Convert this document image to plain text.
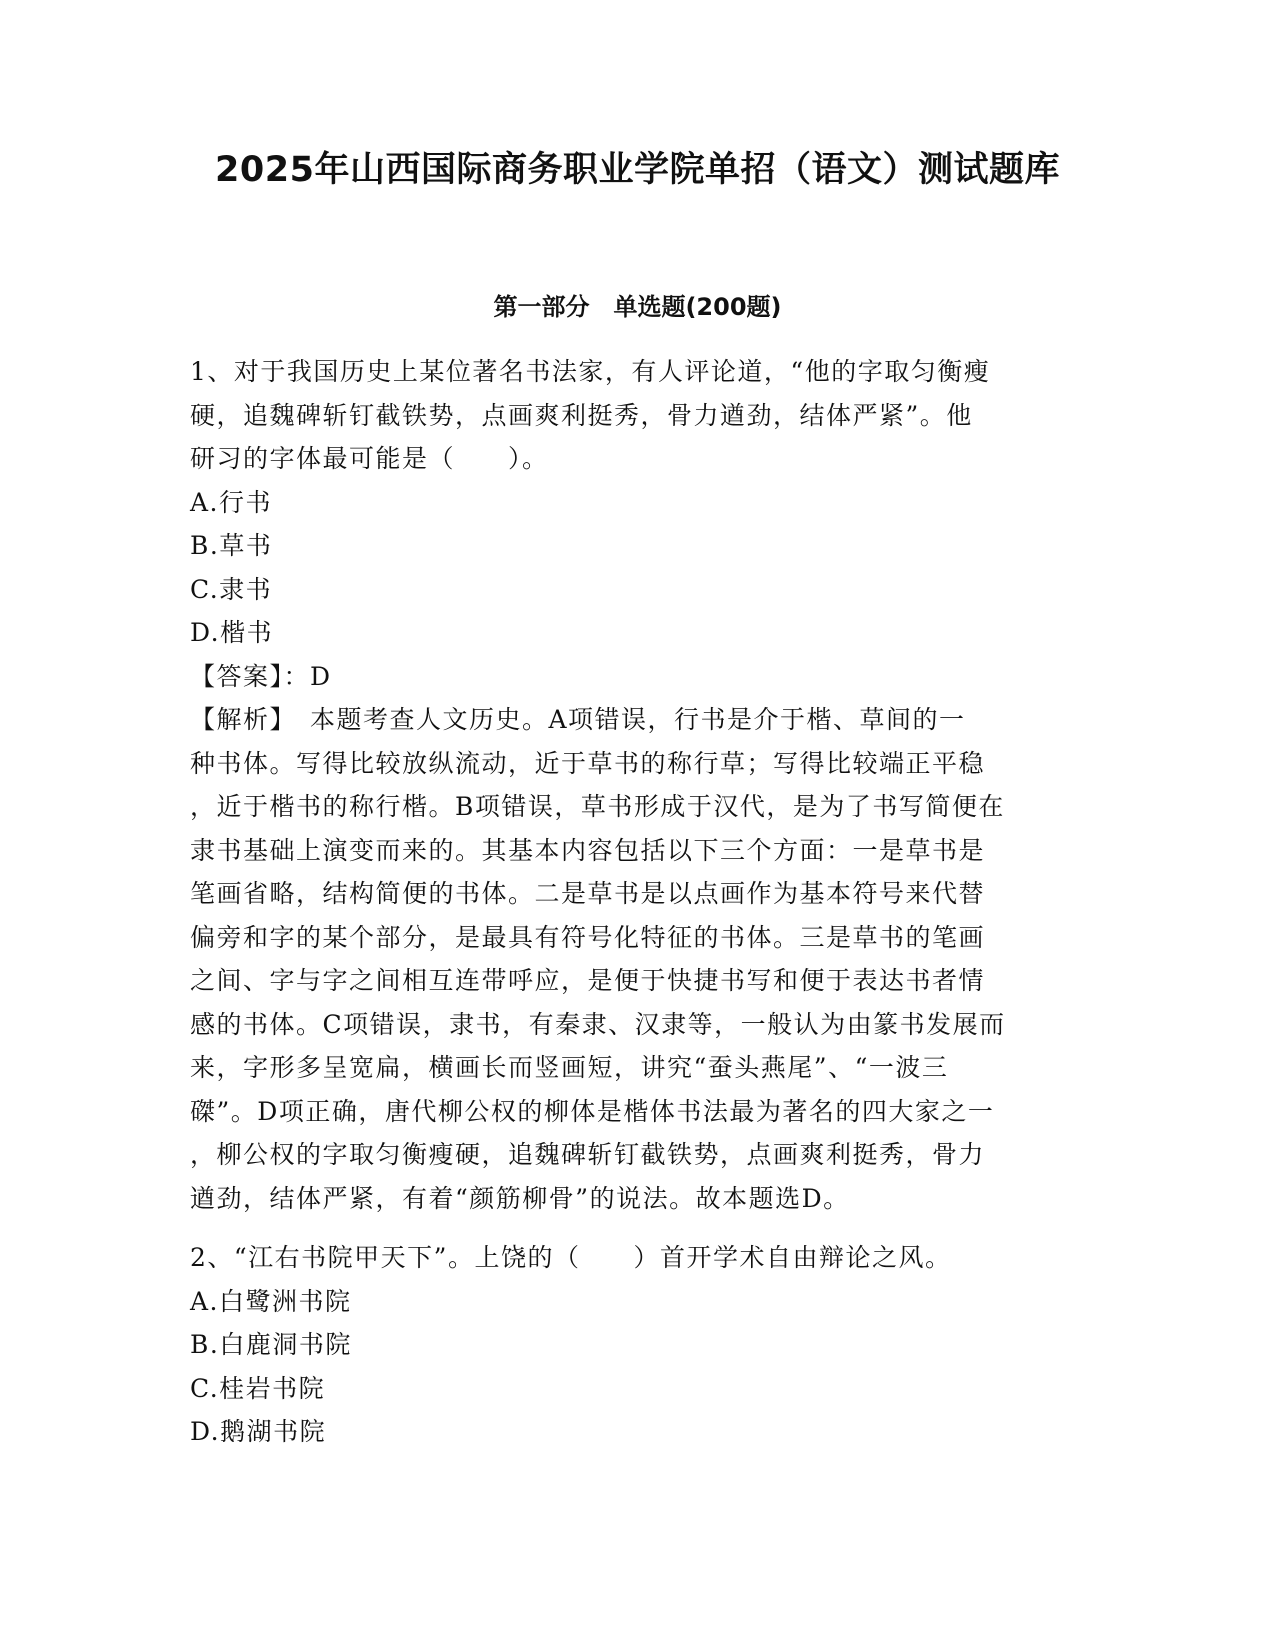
2025年山西国际商务职业学院单招（语文）测试题库
第一部分　单选题(200题)
1、对于我国历史上某位著名书法家，有人评论道，“他的字取匀衡瘦
硬，追魏碑斩钉截铁势，点画爽利挺秀，骨力遒劲，结体严紧”。他
研习的字体最可能是（　　）。
A.行书
B.草书
C.隶书
D.楷书
【答案】：D
【解析】　本题考查人文历史。A项错误，行书是介于楷、草间的一
种书体。写得比较放纵流动，近于草书的称行草；写得比较端正平稳
，近于楷书的称行楷。B项错误，草书形成于汉代，是为了书写简便在
隶书基础上演变而来的。其基本内容包括以下三个方面：一是草书是
笔画省略，结构简便的书体。二是草书是以点画作为基本符号来代替
偏旁和字的某个部分，是最具有符号化特征的书体。三是草书的笔画
之间、字与字之间相互连带呼应，是便于快捷书写和便于表达书者情
感的书体。C项错误，隶书，有秦隶、汉隶等，一般认为由篆书发展而
来，字形多呈宽扁，横画长而竖画短，讲究“蚕头燕尾”、“一波三
磔”。D项正确，唐代柳公权的柳体是楷体书法最为著名的四大家之一
，柳公权的字取匀衡瘦硬，追魏碑斩钉截铁势，点画爽利挺秀，骨力
遒劲，结体严紧，有着“颜筋柳骨”的说法。故本题选D。
2、“江右书院甲天下”。上饶的（　　）首开学术自由辩论之风。
A.白鹭洲书院
B.白鹿洞书院
C.桂岩书院
D.鹅湖书院
